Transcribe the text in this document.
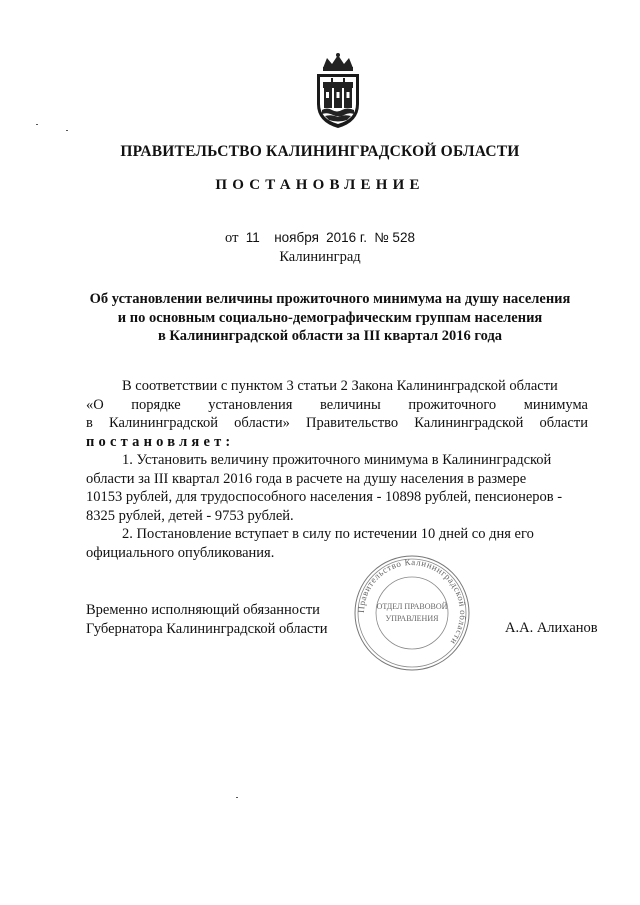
ПРАВИТЕЛЬСТВО КАЛИНИНГРАДСКОЙ ОБЛАСТИ
ПОСТАНОВЛЕНИЕ
от 11 ноября 2016 г. № 528
Калининград
Об установлении величины прожиточного минимума на душу населения
и по основным социально-демографическим группам населения
в Калининградской области за III квартал 2016 года
В соответствии с пунктом 3 статьи 2 Закона Калининградской области
«О порядке установления величины прожиточного минимума
в Калининградской области» Правительство Калининградской области
постановляет:
1. Установить величину прожиточного минимума в Калининградской
области за III квартал 2016 года в расчете на душу населения в размере
10153 рублей, для трудоспособного населения - 10898 рублей, пенсионеров -
8325 рублей, детей - 9753 рублей.
2. Постановление вступает в силу по истечении 10 дней со дня его
официального опубликования.
Правительство Калининградской области
ОТДЕЛ ПРАВОВОЙ
УПРАВЛЕНИЯ
Временно исполняющий обязанности
Губернатора Калининградской области	А.А. Алиханов
